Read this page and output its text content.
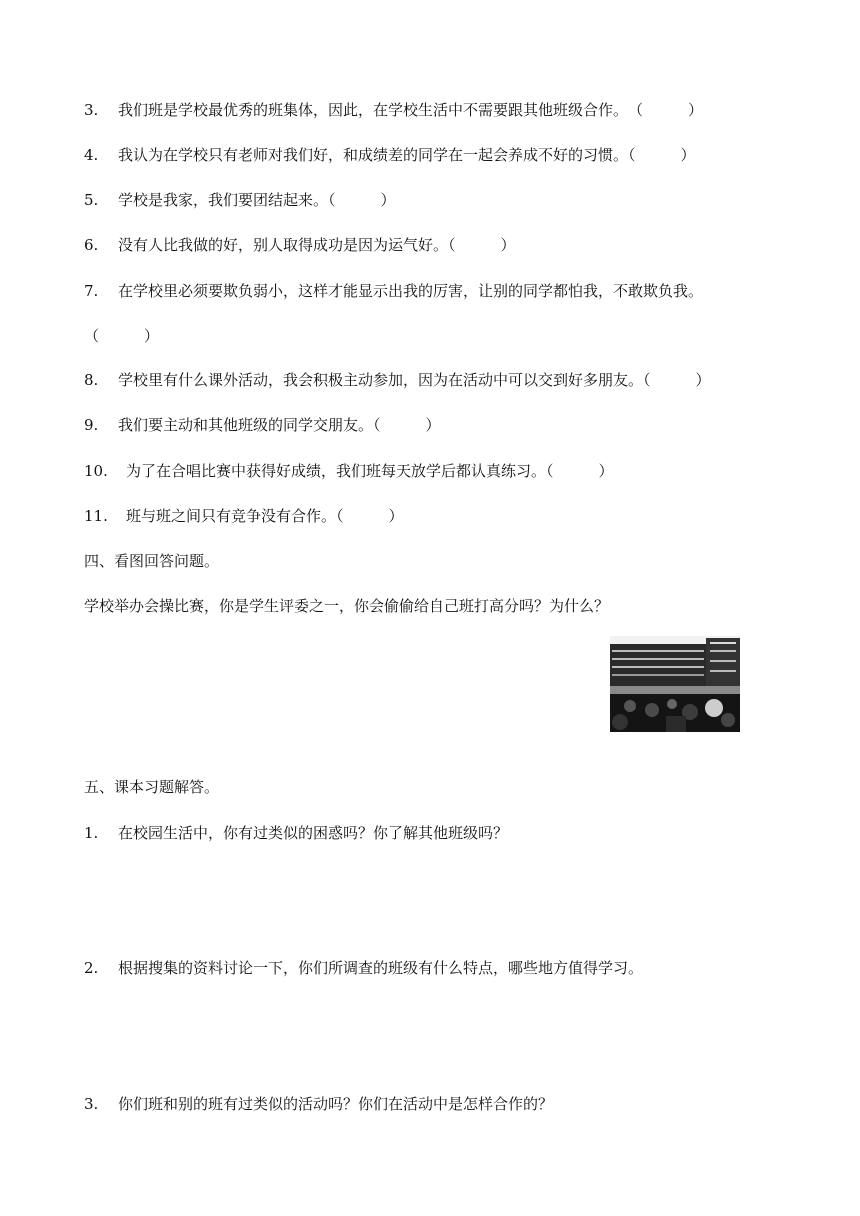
3. 我们班是学校最优秀的班集体，因此，在学校生活中不需要跟其他班级合作。　（　　　）
4. 我认为在学校只有老师对我们好，和成绩差的同学在一起会养成不好的习惯。（　　　）
5. 学校是我家，我们要团结起来。（　　　）
6. 没有人比我做的好，别人取得成功是因为运气好。（　　　）
7. 在学校里必须要欺负弱小，这样才能显示出我的厉害，让别的同学都怕我，不敢欺负我。
（　　　）
8. 学校里有什么课外活动，我会积极主动参加，因为在活动中可以交到好多朋友。（　　　）
9. 我们要主动和其他班级的同学交朋友。（　　　）
10. 为了在合唱比赛中获得好成绩，我们班每天放学后都认真练习。（　　　）
11. 班与班之间只有竞争没有合作。（　　　）
四、看图回答问题。
学校举办会操比赛，你是学生评委之一，你会偷偷给自己班打高分吗？为什么？
五、课本习题解答。
1. 在校园生活中，你有过类似的困惑吗？你了解其他班级吗？
2. 根据搜集的资料讨论一下，你们所调查的班级有什么特点，哪些地方值得学习。
3. 你们班和别的班有过类似的活动吗？你们在活动中是怎样合作的？
